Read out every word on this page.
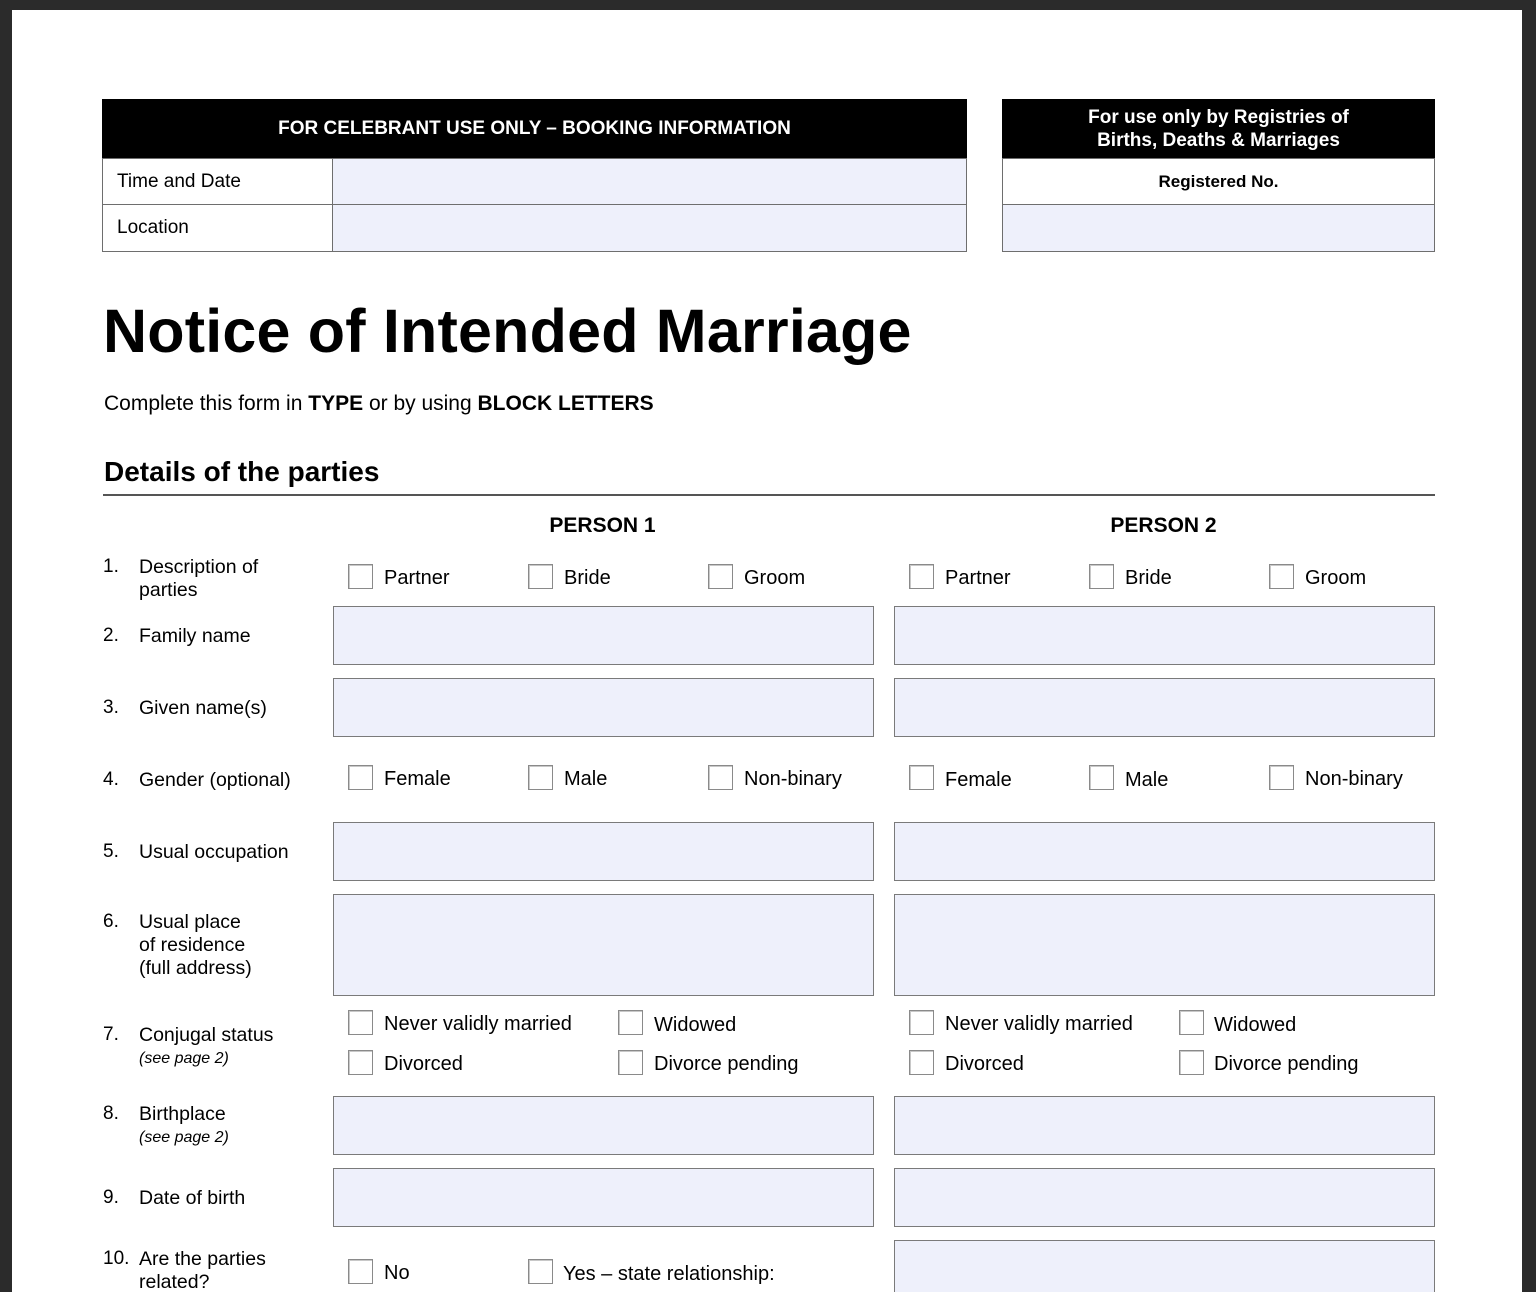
FOR CELEBRANT USE ONLY – BOOKING INFORMATION
Time and Date
Location
For use only by Registries of
Births, Deaths & Marriages
Registered No.
Notice of Intended Marriage
Complete this form in TYPE or by using BLOCK LETTERS
Details of the parties
PERSON 1	PERSON 2
1. Description of
parties
Partner	Bride	Groom	Partner	Bride	Groom
2. Family name
3. Given name(s)
4. Gender (optional)	Female	Male	Non-binary	Female	Male	Non-binary
5. Usual occupation
6. Usual place
of residence
(full address)
7. Conjugal status
(see page 2)
Never validly married	Widowed
Divorced	Divorce pending
Never validly married	Widowed
Divorced	Divorce pending
8. Birthplace
(see page 2)
9. Date of birth
10. Are the parties
related?	No	Yes – state relationship:
